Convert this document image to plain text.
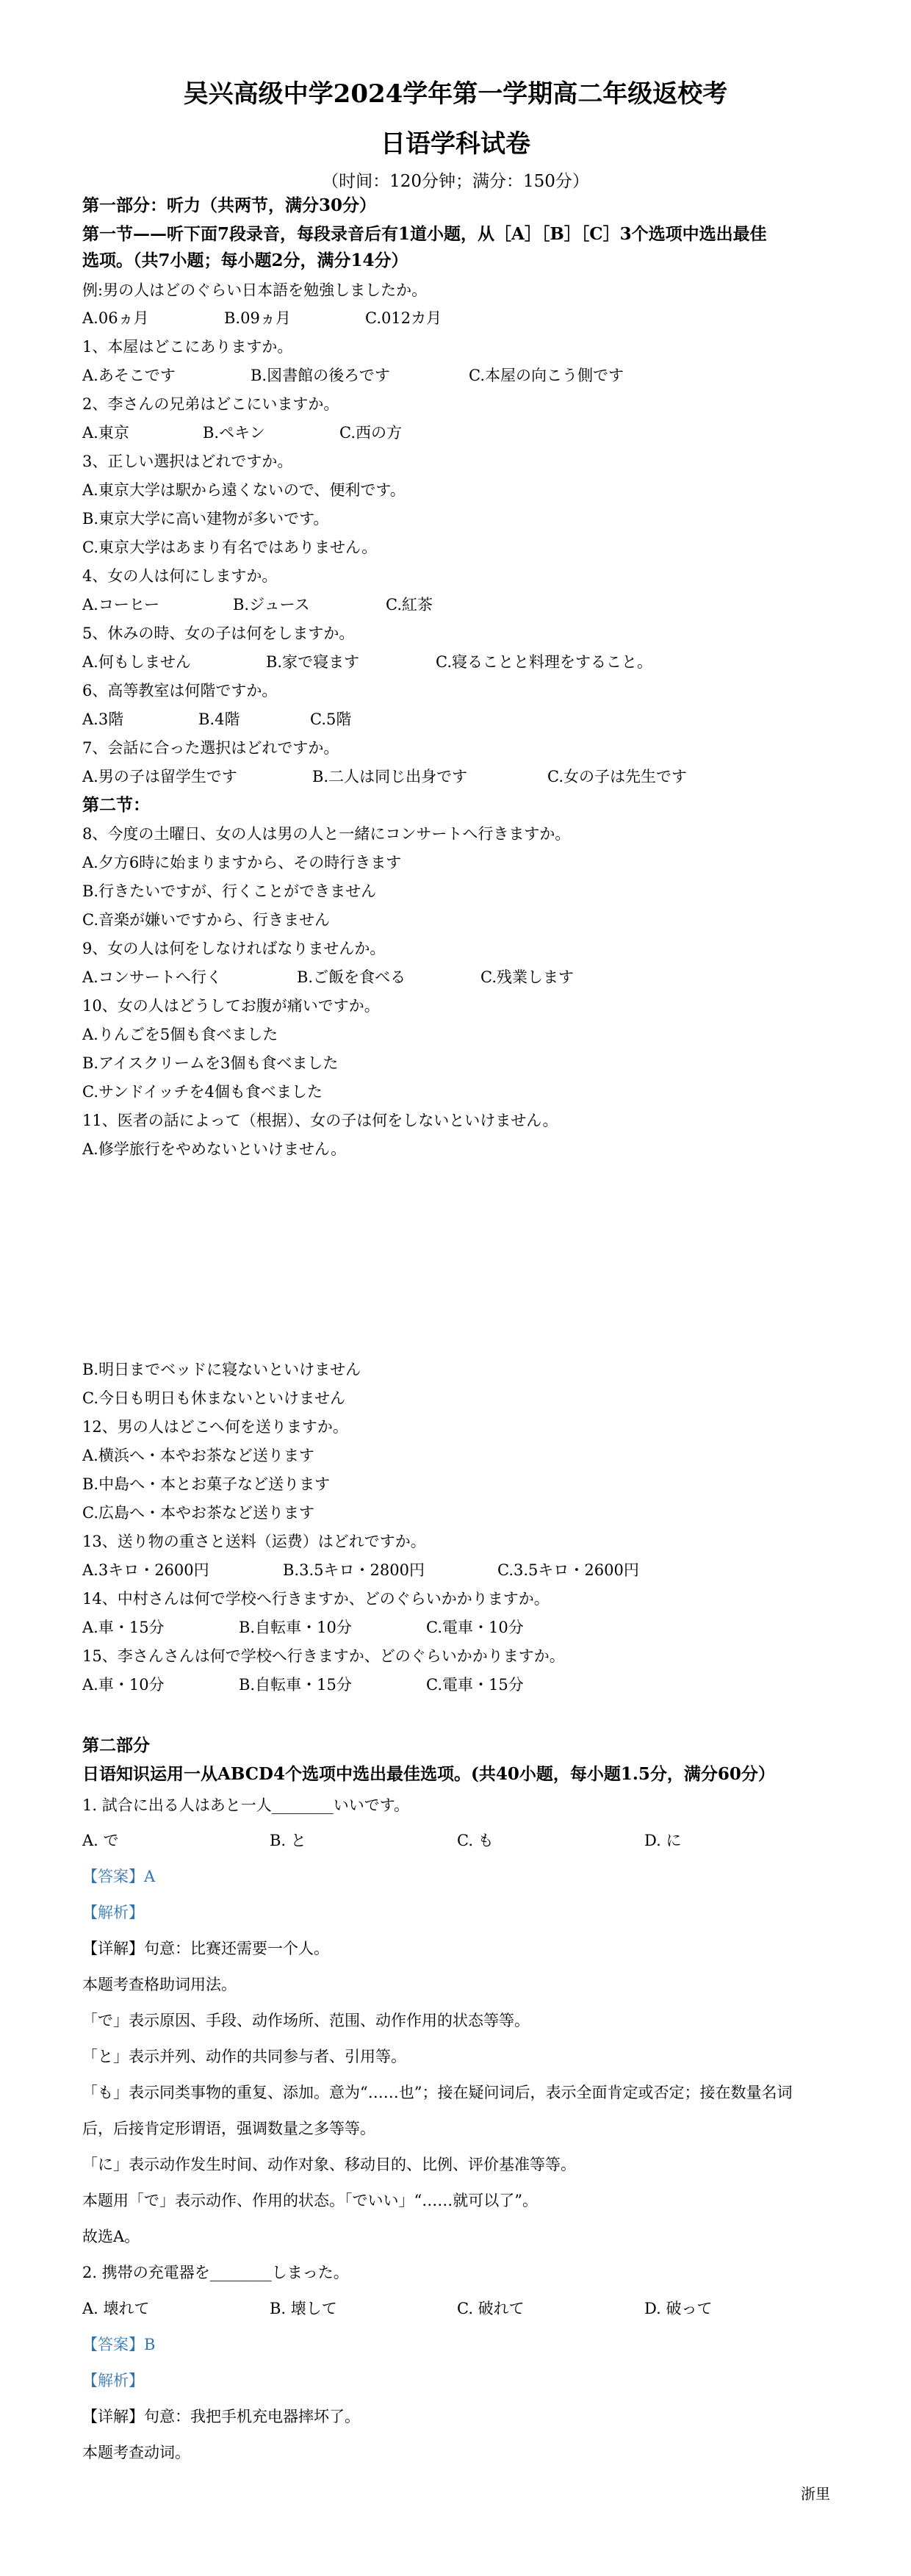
吴兴高级中学2024学年第一学期高二年级返校考
日语学科试卷
（时间：120分钟；满分：150分）
第一部分：听力（共两节，满分30分）
第一节——听下面7段录音，每段录音后有1道小题，从［A］［B］［C］3个选项中选出最佳
选项。（共7小题；每小题2分，满分14分）
例:男の人はどのぐらい日本語を勉強しましたか。
A.06ヵ月	B.09ヵ月	C.012カ月
1、本屋はどこにありますか。
A.あそこです	B.図書館の後ろです	C.本屋の向こう側です
2、李さんの兄弟はどこにいますか。
A.東京	B.ペキン	C.西の方
3、正しい選択はどれですか。
A.東京大学は駅から遠くないので、便利です。
B.東京大学に高い建物が多いです。
C.東京大学はあまり有名ではありません。
4、女の人は何にしますか。
A.コーヒー	B.ジュース	C.紅茶
5、休みの時、女の子は何をしますか。
A.何もしません	B.家で寝ます	C.寝ることと料理をすること。
6、高等教室は何階ですか。
A.3階	B.4階	C.5階
7、会話に合った選択はどれですか。
A.男の子は留学生です	B.二人は同じ出身です	C.女の子は先生です
第二节：
8、今度の土曜日、女の人は男の人と一緒にコンサートへ行きますか。
A.夕方6時に始まりますから、その時行きます
B.行きたいですが、行くことができません
C.音楽が嫌いですから、行きません
9、女の人は何をしなければなりませんか。
A.コンサートへ行く	B.ご飯を食べる	C.残業します
10、女の人はどうしてお腹が痛いですか。
A.りんごを5個も食べました
B.アイスクリームを3個も食べました
C.サンドイッチを4個も食べました
11、医者の話によって（根据）、女の子は何をしないといけません。
A.修学旅行をやめないといけません。
B.明日までベッドに寝ないといけません
C.今日も明日も休まないといけません
12、男の人はどこへ何を送りますか。
A.横浜へ・本やお茶など送ります
B.中島へ・本とお菓子など送ります
C.広島へ・本やお茶など送ります
13、送り物の重さと送料（运费）はどれですか。
A.3キロ・2600円	B.3.5キロ・2800円	C.3.5キロ・2600円
14、中村さんは何で学校へ行きますか、どのぐらいかかりますか。
A.車・15分	B.自転車・10分	C.電車・10分
15、李さんさんは何で学校へ行きますか、どのぐらいかかりますか。
A.車・10分	B.自転車・15分	C.電車・15分
第二部分
日语知识运用一从ABCD4个选项中选出最佳选项。(共40小题，每小题1.5分，满分60分）
1. 試合に出る人はあと一人________いいです。
A. で	B. と	C. も	D. に
【答案】A
【解析】
【详解】句意：比赛还需要一个人。
本题考查格助词用法。
「で」表示原因、手段、动作场所、范围、动作作用的状态等等。
「と」表示并列、动作的共同参与者、引用等。
「も」表示同类事物的重复、添加。意为“……也”；接在疑问词后，表示全面肯定或否定；接在数量名词
后，后接肯定形谓语，强调数量之多等等。
「に」表示动作发生时间、动作对象、移动目的、比例、评价基准等等。
本题用「で」表示动作、作用的状态。「でいい」“……就可以了”。
故选A。
2. 携帯の充電器を________しまった。
A. 壊れて	B. 壊して	C. 破れて	D. 破って
【答案】B
【解析】
【详解】句意：我把手机充电器摔坏了。
本题考查动词。
浙里
